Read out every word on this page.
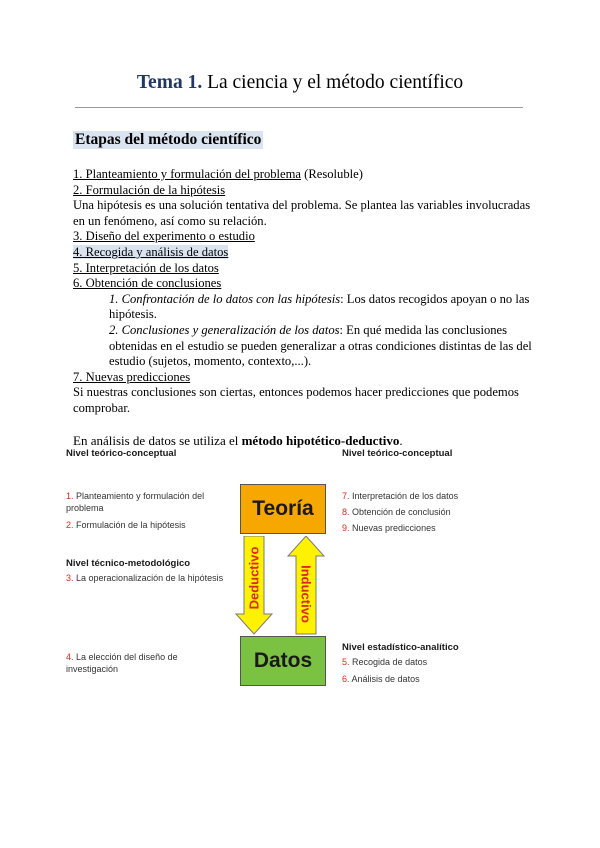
Tema 1. La ciencia y el método científico
Etapas del método científico

1. Planteamiento y formulación del problema (Resoluble)

2. Formulación de la hipótesis

Una hipótesis es una solución tentativa del problema. Se plantea las variables involucradas en un fenómeno, así como su relación.

3. Diseño del experimento o estudio

4. Recogida y análisis de datos

5. Interpretación de los datos

6. Obtención de conclusiones

1. Confrontación de lo datos con las hipótesis: Los datos recogidos apoyan o no las hipótesis.

2. Conclusiones y generalización de los datos: En qué medida las conclusiones obtenidas en el estudio se pueden generalizar a otras condiciones distintas de las del estudio (sujetos, momento, contexto,...).

7. Nuevas predicciones

Si nuestras conclusiones son ciertas, entonces podemos hacer predicciones que podemos comprobar.

En análisis de datos se utiliza el método hipotético-deductivo.
Nivel teórico-conceptual
1. Planteamiento y formulación del problema
2. Formulación de la hipótesis
Nivel técnico-metodológico
3. La operacionalización de la hipótesis
4. La elección del diseño de investigación
Teoría
Datos
Deductivo	Inductivo
Nivel teórico-conceptual
7. Interpretación de los datos
8. Obtención de conclusión
9. Nuevas predicciones
Nivel estadístico-analítico
5. Recogida de datos
6. Análisis de datos
